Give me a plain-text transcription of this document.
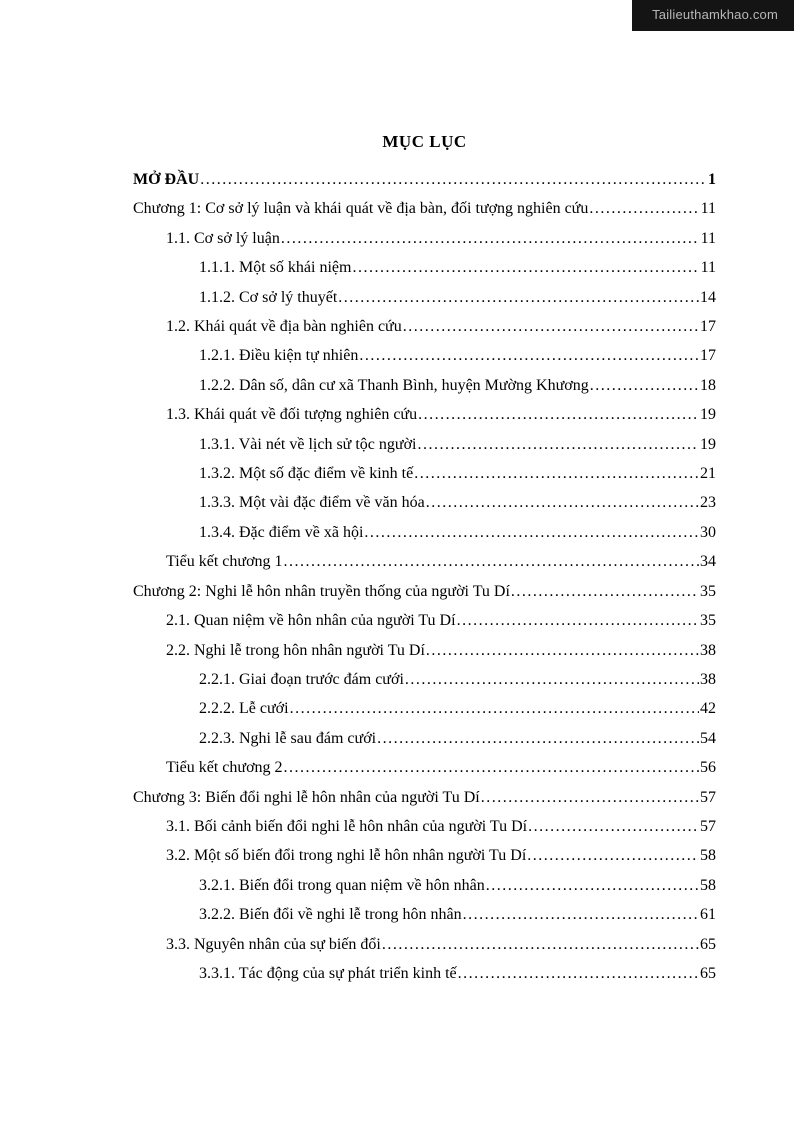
Tailieuthamkhao.com
MỤC LỤC
MỞ ĐẦU .....	1
Chương 1: Cơ sở lý luận và khái quát về địa bàn, đối tượng nghiên cứu .....	11
1.1. Cơ sở lý luận .....	11
1.1.1. Một số khái niệm .....	11
1.1.2. Cơ sở lý thuyết .....	14
1.2. Khái quát về địa bàn nghiên cứu .....	17
1.2.1. Điều kiện tự nhiên .....	17
1.2.2. Dân số, dân cư xã Thanh Bình, huyện Mường Khương .....	18
1.3. Khái quát về đối tượng nghiên cứu .....	19
1.3.1. Vài nét về lịch sử tộc người .....	19
1.3.2. Một số đặc điểm về kinh tế .....	21
1.3.3. Một vài đặc điểm về văn hóa .....	23
1.3.4. Đặc điểm về xã hội .....	30
Tiểu kết chương 1 .....	34
Chương 2: Nghi lễ hôn nhân truyền thống của người Tu Dí .....	35
2.1. Quan niệm về hôn nhân của người Tu Dí .....	35
2.2. Nghi lễ trong hôn nhân người Tu Dí .....	38
2.2.1. Giai đoạn trước đám cưới .....	38
2.2.2. Lễ cưới .....	42
2.2.3. Nghi lễ sau đám cưới .....	54
Tiểu kết chương 2 .....	56
Chương 3: Biến đổi nghi lễ hôn nhân của người Tu Dí .....	57
3.1. Bối cảnh biến đổi nghi lễ hôn nhân của người Tu Dí .....	57
3.2. Một số biến đổi trong nghi lễ hôn nhân người Tu Dí .....	58
3.2.1. Biến đổi trong quan niệm về hôn nhân .....	58
3.2.2. Biến đổi về nghi lễ trong hôn nhân .....	61
3.3. Nguyên nhân của sự biến đổi .....	65
3.3.1. Tác động của sự phát triển kinh tế .....	65
